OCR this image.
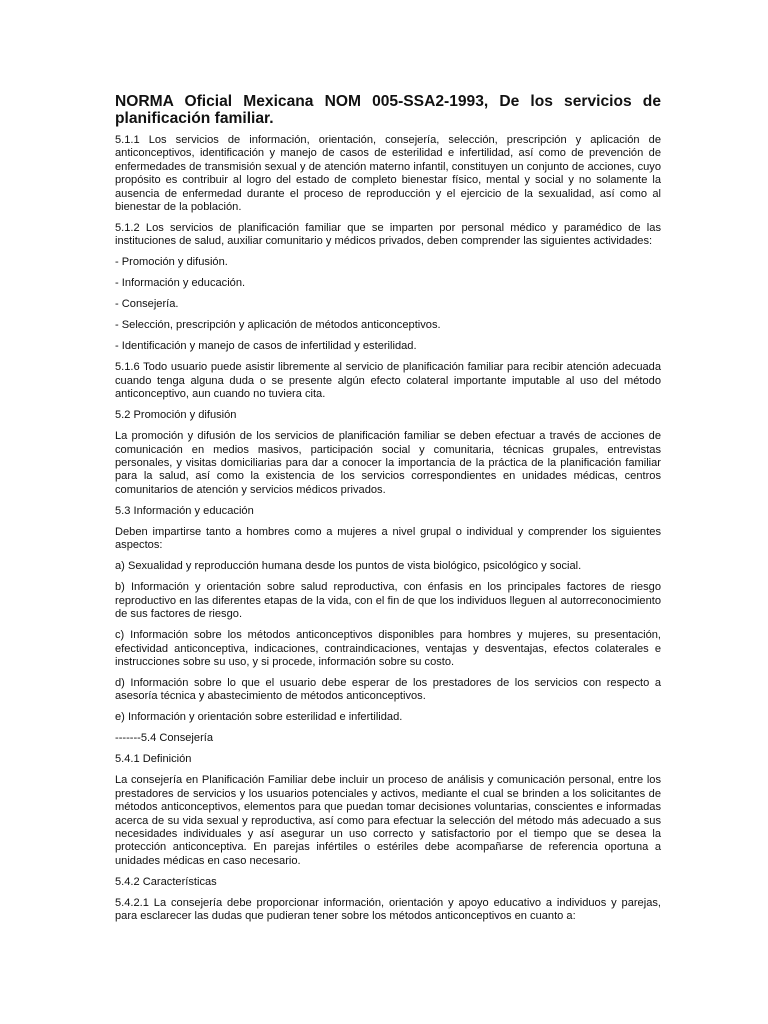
NORMA Oficial Mexicana NOM 005-SSA2-1993, De los servicios de planificación familiar.

5.1.1 Los servicios de información, orientación, consejería, selección, prescripción y aplicación de anticonceptivos, identificación y manejo de casos de esterilidad e infertilidad, así como de prevención de enfermedades de transmisión sexual y de atención materno infantil, constituyen un conjunto de acciones, cuyo propósito es contribuir al logro del estado de completo bienestar físico, mental y social y no solamente la ausencia de enfermedad durante el proceso de reproducción y el ejercicio de la sexualidad, así como al bienestar de la población.

5.1.2 Los servicios de planificación familiar que se imparten por personal médico y paramédico de las instituciones de salud, auxiliar comunitario y médicos privados, deben comprender las siguientes actividades:

- Promoción y difusión.

- Información y educación.

- Consejería.

- Selección, prescripción y aplicación de métodos anticonceptivos.

- Identificación y manejo de casos de infertilidad y esterilidad.

5.1.6 Todo usuario puede asistir libremente al servicio de planificación familiar para recibir atención adecuada cuando tenga alguna duda o se presente algún efecto colateral importante imputable al uso del método anticonceptivo, aun cuando no tuviera cita.

5.2 Promoción y difusión

La promoción y difusión de los servicios de planificación familiar se deben efectuar a través de acciones de comunicación en medios masivos, participación social y comunitaria, técnicas grupales, entrevistas personales, y visitas domiciliarias para dar a conocer la importancia de la práctica de la planificación familiar para la salud, así como la existencia de los servicios correspondientes en unidades médicas, centros comunitarios de atención y servicios médicos privados.

5.3 Información y educación

Deben impartirse tanto a hombres como a mujeres a nivel grupal o individual y comprender los siguientes aspectos:

a) Sexualidad y reproducción humana desde los puntos de vista biológico, psicológico y social.

b) Información y orientación sobre salud reproductiva, con énfasis en los principales factores de riesgo reproductivo en las diferentes etapas de la vida, con el fin de que los individuos lleguen al autorreconocimiento de sus factores de riesgo.

c) Información sobre los métodos anticonceptivos disponibles para hombres y mujeres, su presentación, efectividad anticonceptiva, indicaciones, contraindicaciones, ventajas y desventajas, efectos colaterales e instrucciones sobre su uso, y si procede, información sobre su costo.

d) Información sobre lo que el usuario debe esperar de los prestadores de los servicios con respecto a asesoría técnica y abastecimiento de métodos anticonceptivos.

e) Información y orientación sobre esterilidad e infertilidad.

-------5.4 Consejería

5.4.1 Definición

La consejería en Planificación Familiar debe incluir un proceso de análisis y comunicación personal, entre los prestadores de servicios y los usuarios potenciales y activos, mediante el cual se brinden a los solicitantes de métodos anticonceptivos, elementos para que puedan tomar decisiones voluntarias, conscientes e informadas acerca de su vida sexual y reproductiva, así como para efectuar la selección del método más adecuado a sus necesidades individuales y así asegurar un uso correcto y satisfactorio por el tiempo que se desea la protección anticonceptiva. En parejas infértiles o estériles debe acompañarse de referencia oportuna a unidades médicas en caso necesario.

5.4.2 Características

5.4.2.1 La consejería debe proporcionar información, orientación y apoyo educativo a individuos y parejas, para esclarecer las dudas que pudieran tener sobre los métodos anticonceptivos en cuanto a:
